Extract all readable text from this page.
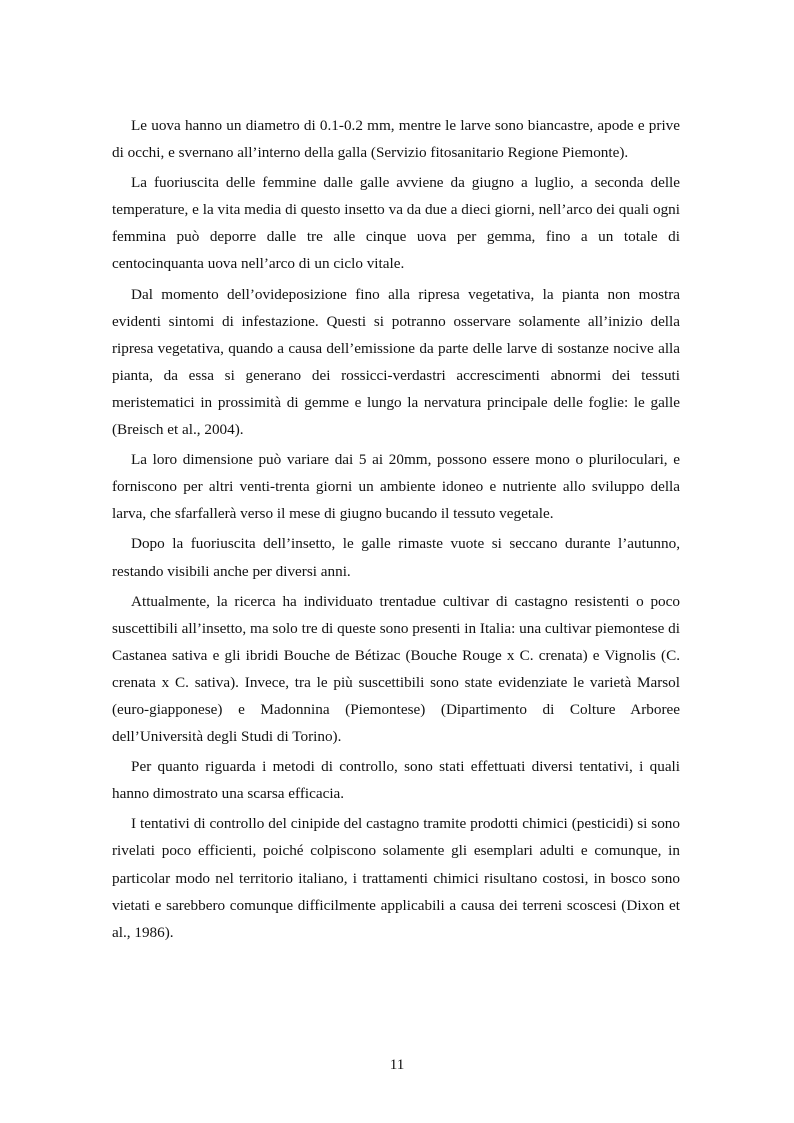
Le uova hanno un diametro di 0.1-0.2 mm, mentre le larve sono biancastre, apode e prive di occhi, e svernano all’interno della galla (Servizio fitosanitario Regione Piemonte).

La fuoriuscita delle femmine dalle galle avviene da giugno a luglio, a seconda delle temperature, e la vita media di questo insetto va da due a dieci giorni, nell’arco dei quali ogni femmina può deporre dalle tre alle cinque uova per gemma, fino a un totale di centocinquanta uova nell’arco di un ciclo vitale.

Dal momento dell’ovideposizione fino alla ripresa vegetativa, la pianta non mostra evidenti sintomi di infestazione. Questi si potranno osservare solamente all’inizio della ripresa vegetativa, quando a causa dell’emissione da parte delle larve di sostanze nocive alla pianta, da essa si generano dei rossicci-verdastri accrescimenti abnormi dei tessuti meristematici in prossimità di gemme e lungo la nervatura principale delle foglie: le galle (Breisch et al., 2004).

La loro dimensione può variare dai 5 ai 20mm, possono essere mono o pluriloculari, e forniscono per altri venti-trenta giorni un ambiente idoneo e nutriente allo sviluppo della larva, che sfarfallerà verso il mese di giugno bucando il tessuto vegetale.

Dopo la fuoriuscita dell’insetto, le galle rimaste vuote si seccano durante l’autunno, restando visibili anche per diversi anni.

Attualmente, la ricerca ha individuato trentadue cultivar di castagno resistenti o poco suscettibili all’insetto, ma solo tre di queste sono presenti in Italia: una cultivar piemontese di Castanea sativa e gli ibridi Bouche de Bétizac (Bouche Rouge x C. crenata) e Vignolis (C. crenata x C. sativa). Invece, tra le più suscettibili sono state evidenziate le varietà Marsol (euro-giapponese) e Madonnina (Piemontese) (Dipartimento di Colture Arboree dell’Università degli Studi di Torino).

Per quanto riguarda i metodi di controllo, sono stati effettuati diversi tentativi, i quali hanno dimostrato una scarsa efficacia.

I tentativi di controllo del cinipide del castagno tramite prodotti chimici (pesticidi) si sono rivelati poco efficienti, poiché colpiscono solamente gli esemplari adulti e comunque, in particolar modo nel territorio italiano, i trattamenti chimici risultano costosi, in bosco sono vietati e sarebbero comunque difficilmente applicabili a causa dei terreni scoscesi (Dixon et al., 1986).

11
